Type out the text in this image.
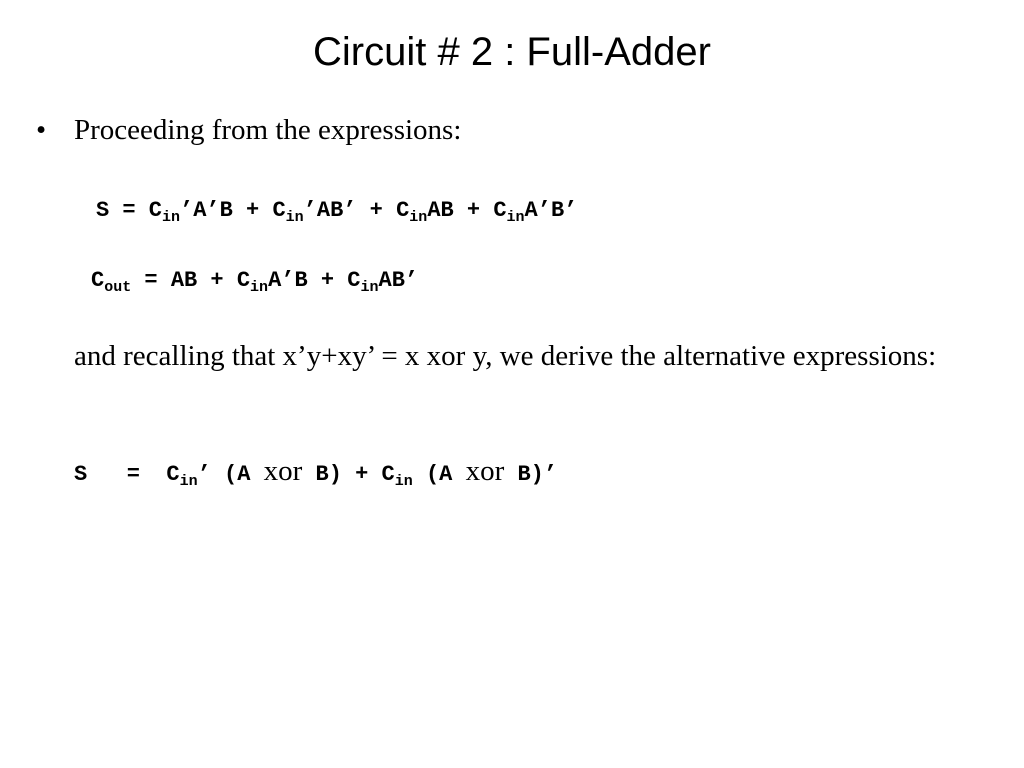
Circuit # 2 : Full-Adder
• Proceeding from the expressions:
$S = C_{in}’A’B$ + $C_{in}’AB$’ + $C_{in}AB$ + $C_{in}A’B$’
$C_{out}$ = AB + $C_{in}A’B + C_{in}AB$’
and recalling that x’y+xy’ = x xor y, we derive the alternative expressions:
$S = C_{in}$’ (A xor $B) + C_{in}$ (A xor B)’
